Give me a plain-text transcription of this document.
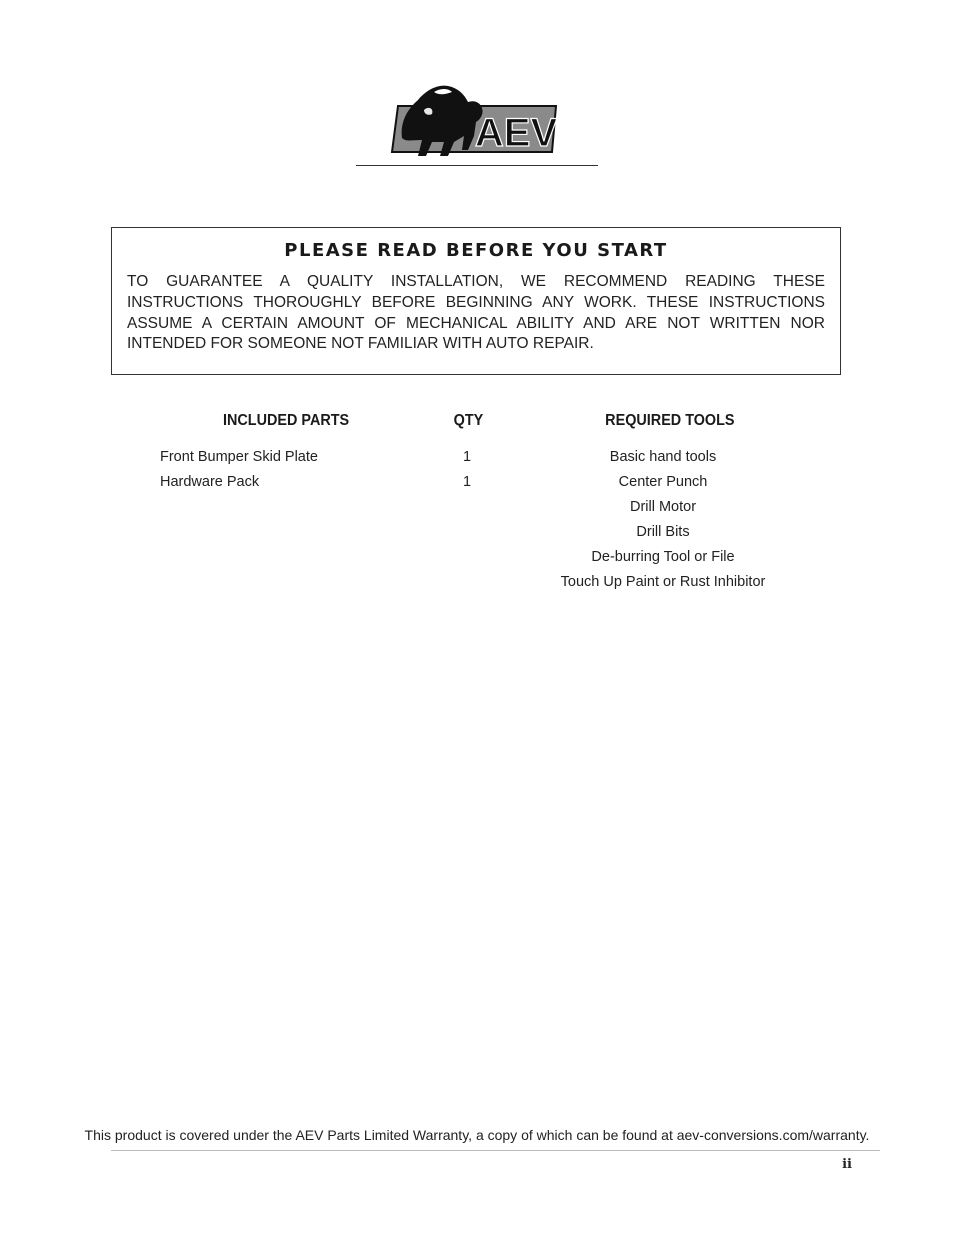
AEV
PLEASE READ BEFORE YOU START
TO GUARANTEE A QUALITY INSTALLATION, WE RECOMMEND READING THESE INSTRUCTIONS THOROUGHLY BEFORE BEGINNING ANY WORK. THESE INSTRUCTIONS ASSUME A CERTAIN AMOUNT OF MECHANICAL ABILITY AND ARE NOT WRITTEN NOR INTENDED FOR SOMEONE NOT FAMILIAR WITH AUTO REPAIR.
INCLUDED PARTS	QTY	REQUIRED TOOLS
Front Bumper Skid Plate
Hardware Pack
1
1
Basic hand tools
Center Punch
Drill Motor
Drill Bits
De-burring Tool or File
Touch Up Paint or Rust Inhibitor
This product is covered under the AEV Parts Limited Warranty, a copy of which can be found at aev-conversions.com/warranty.
ii
